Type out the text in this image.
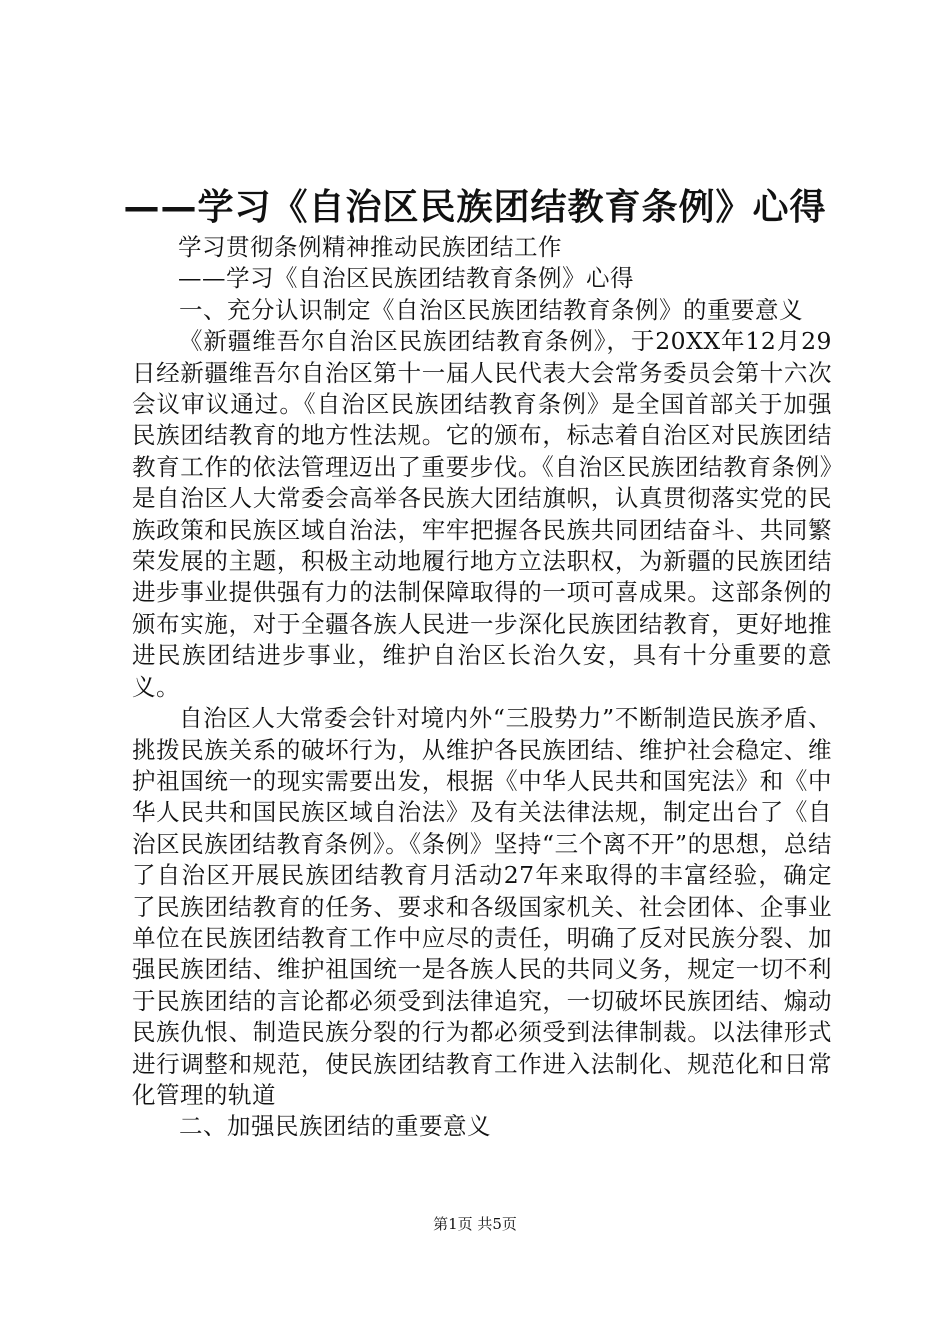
——学习《自治区民族团结教育条例》心得

学习贯彻条例精神推动民族团结工作

——学习《自治区民族团结教育条例》心得

一、充分认识制定《自治区民族团结教育条例》的重要意义

《新疆维吾尔自治区民族团结教育条例》，于20XX年12月29日经新疆维吾尔自治区第十一届人民代表大会常务委员会第十六次会议审议通过。《自治区民族团结教育条例》是全国首部关于加强民族团结教育的地方性法规。它的颁布，标志着自治区对民族团结教育工作的依法管理迈出了重要步伐。《自治区民族团结教育条例》是自治区人大常委会高举各民族大团结旗帜，认真贯彻落实党的民族政策和民族区域自治法，牢牢把握各民族共同团结奋斗、共同繁荣发展的主题，积极主动地履行地方立法职权，为新疆的民族团结进步事业提供强有力的法制保障取得的一项可喜成果。这部条例的颁布实施，对于全疆各族人民进一步深化民族团结教育，更好地推进民族团结进步事业，维护自治区长治久安，具有十分重要的意义。

自治区人大常委会针对境内外“三股势力”不断制造民族矛盾、挑拨民族关系的破坏行为，从维护各民族团结、维护社会稳定、维护祖国统一的现实需要出发，根据《中华人民共和国宪法》和《中华人民共和国民族区域自治法》及有关法律法规，制定出台了《自治区民族团结教育条例》。《条例》坚持“三个离不开”的思想，总结了自治区开展民族团结教育月活动27年来取得的丰富经验，确定了民族团结教育的任务、要求和各级国家机关、社会团体、企事业单位在民族团结教育工作中应尽的责任，明确了反对民族分裂、加强民族团结、维护祖国统一是各族人民的共同义务，规定一切不利于民族团结的言论都必须受到法律追究，一切破坏民族团结、煽动民族仇恨、制造民族分裂的行为都必须受到法律制裁。以法律形式进行调整和规范，使民族团结教育工作进入法制化、规范化和日常化管理的轨道

二、加强民族团结的重要意义

第1页 共5页
